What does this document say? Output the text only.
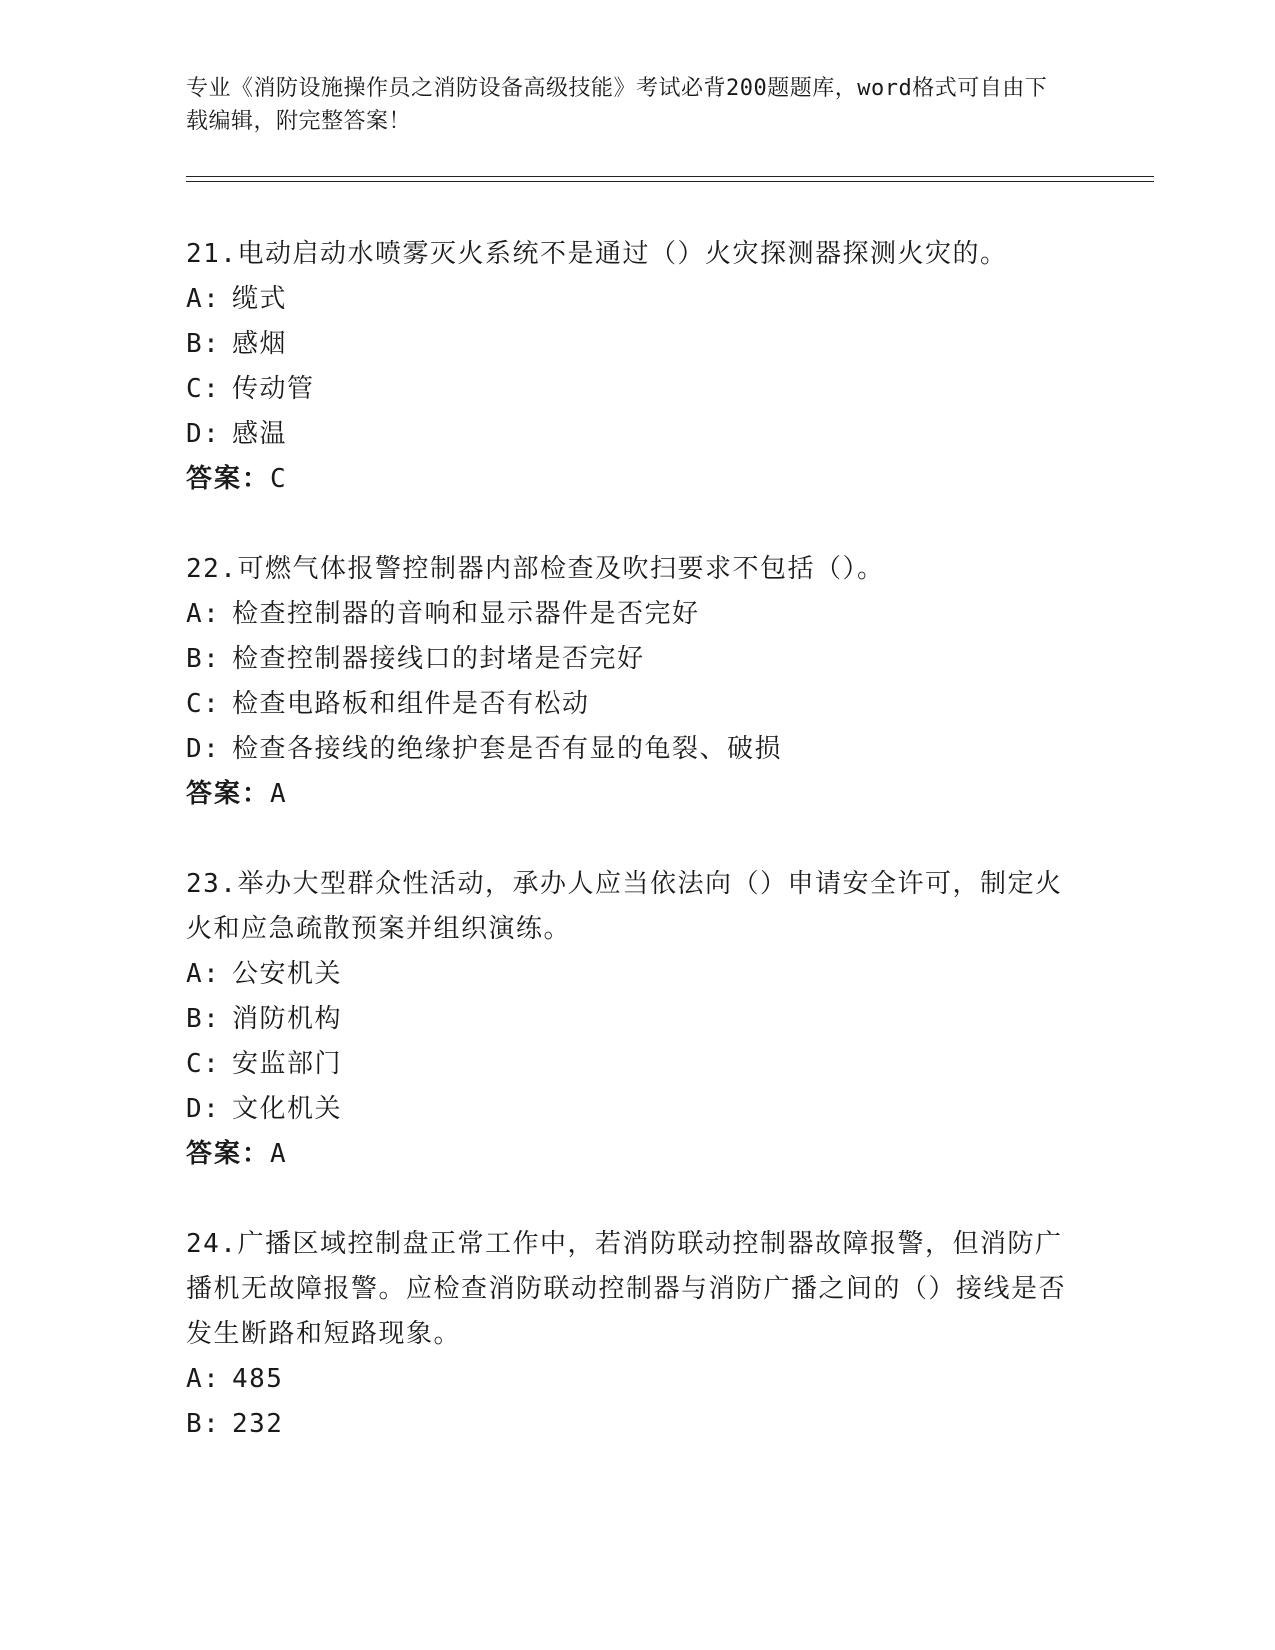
专业《消防设施操作员之消防设备高级技能》考试必背200题题库，word格式可自由下载编辑，附完整答案！

21.电动启动水喷雾灭火系统不是通过（）火灾探测器探测火灾的。

A: 缆式

B: 感烟

C: 传动管

D: 感温

答案：C

22.可燃气体报警控制器内部检查及吹扫要求不包括（）。

A: 检查控制器的音响和显示器件是否完好

B: 检查控制器接线口的封堵是否完好

C: 检查电路板和组件是否有松动

D: 检查各接线的绝缘护套是否有显的龟裂、破损

答案：A

23.举办大型群众性活动，承办人应当依法向（）申请安全许可，制定火火和应急疏散预案并组织演练。

A: 公安机关

B: 消防机构

C: 安监部门

D: 文化机关

答案：A

24.广播区域控制盘正常工作中，若消防联动控制器故障报警，但消防广播机无故障报警。应检查消防联动控制器与消防广播之间的（）接线是否发生断路和短路现象。

A: 485

B: 232
